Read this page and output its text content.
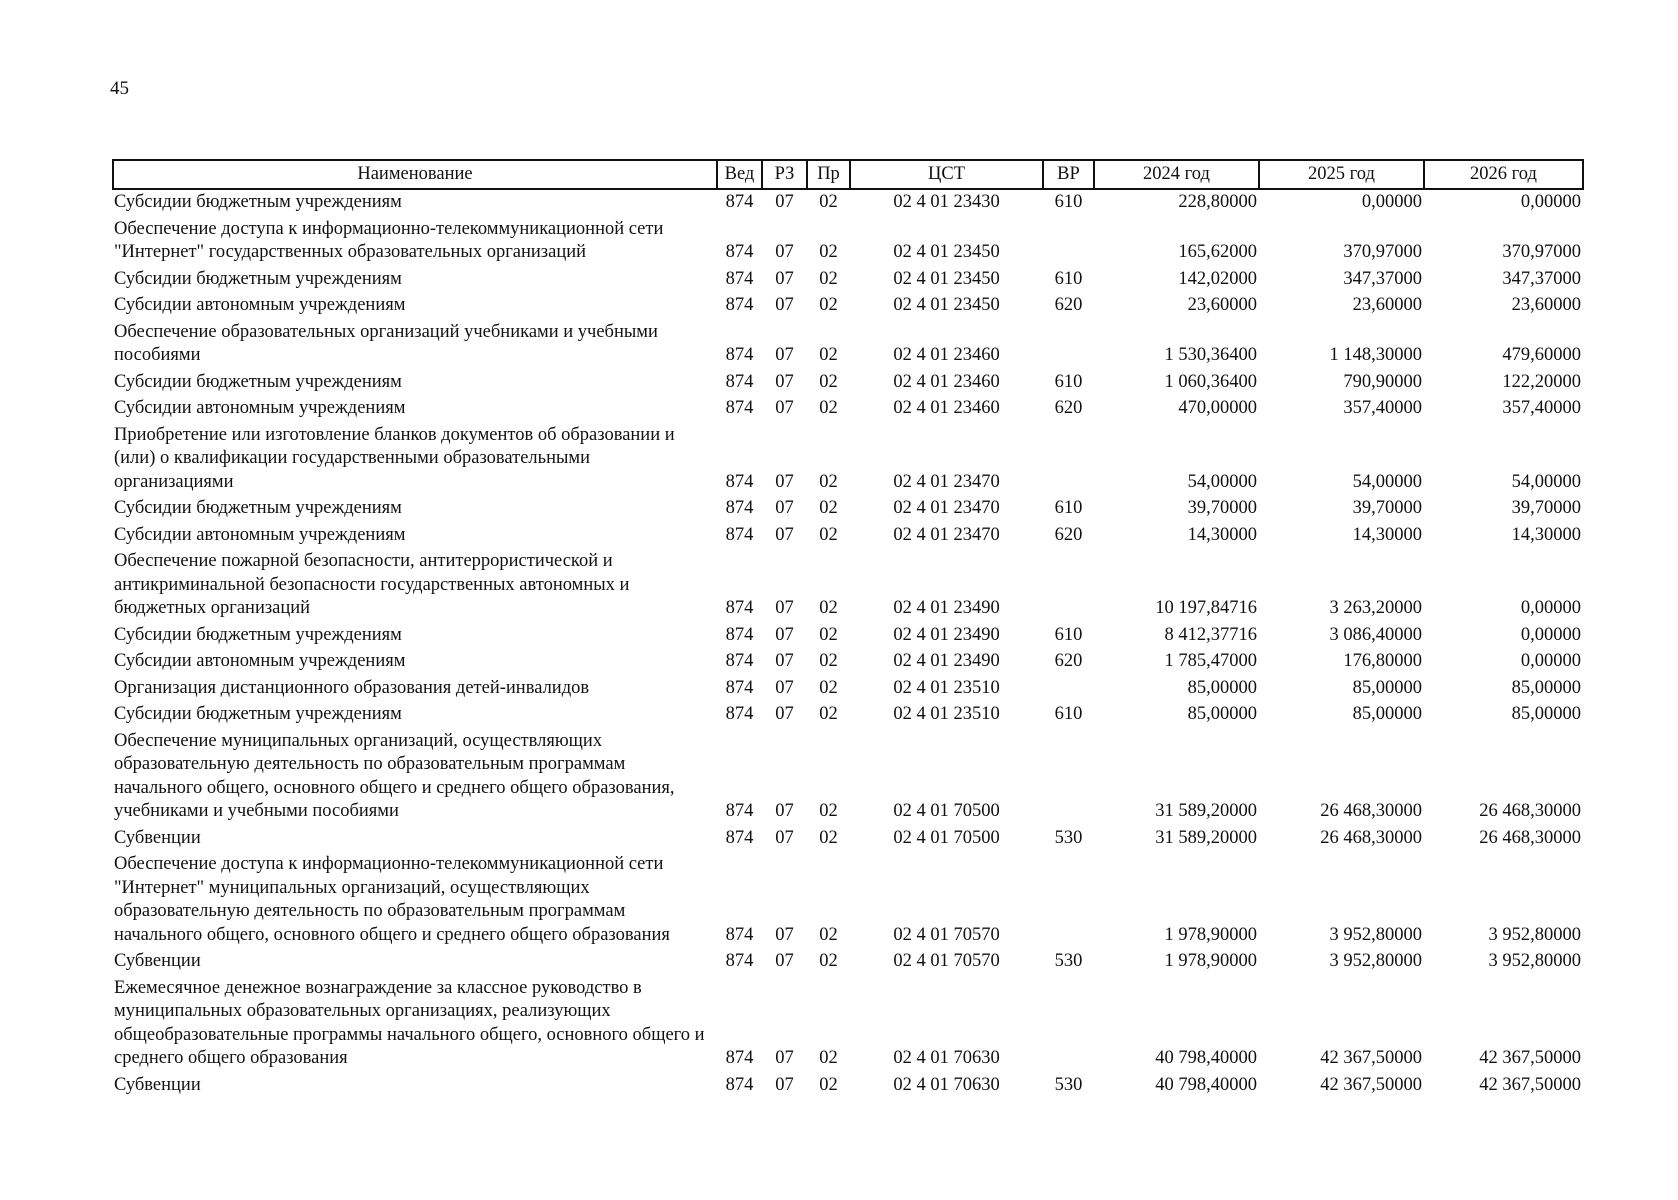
45
Наименование	Вед	РЗ	Пр	ЦСТ	ВР	2024 год	2025 год	2026 год
Субсидии бюджетным учреждениям	874	07	02	02 4 01 23430	610	228,80000	0,00000	0,00000
Обеспечение доступа к информационно-телекоммуникационной сети "Интернет" государственных образовательных организаций	874	07	02	02 4 01 23450		165,62000	370,97000	370,97000
Субсидии бюджетным учреждениям	874	07	02	02 4 01 23450	610	142,02000	347,37000	347,37000
Субсидии автономным учреждениям	874	07	02	02 4 01 23450	620	23,60000	23,60000	23,60000
Обеспечение образовательных организаций учебниками и учебными пособиями	874	07	02	02 4 01 23460		1 530,36400	1 148,30000	479,60000
Субсидии бюджетным учреждениям	874	07	02	02 4 01 23460	610	1 060,36400	790,90000	122,20000
Субсидии автономным учреждениям	874	07	02	02 4 01 23460	620	470,00000	357,40000	357,40000
Приобретение или изготовление бланков документов об образовании и (или) о квалификации государственными образовательными организациями	874	07	02	02 4 01 23470		54,00000	54,00000	54,00000
Субсидии бюджетным учреждениям	874	07	02	02 4 01 23470	610	39,70000	39,70000	39,70000
Субсидии автономным учреждениям	874	07	02	02 4 01 23470	620	14,30000	14,30000	14,30000
Обеспечение пожарной безопасности, антитеррористической и антикриминальной безопасности государственных автономных и бюджетных организаций	874	07	02	02 4 01 23490		10 197,84716	3 263,20000	0,00000
Субсидии бюджетным учреждениям	874	07	02	02 4 01 23490	610	8 412,37716	3 086,40000	0,00000
Субсидии автономным учреждениям	874	07	02	02 4 01 23490	620	1 785,47000	176,80000	0,00000
Организация дистанционного образования детей-инвалидов	874	07	02	02 4 01 23510		85,00000	85,00000	85,00000
Субсидии бюджетным учреждениям	874	07	02	02 4 01 23510	610	85,00000	85,00000	85,00000
Обеспечение муниципальных организаций, осуществляющих образовательную деятельность по образовательным программам начального общего, основного общего и среднего общего образования, учебниками и учебными пособиями	874	07	02	02 4 01 70500		31 589,20000	26 468,30000	26 468,30000
Субвенции	874	07	02	02 4 01 70500	530	31 589,20000	26 468,30000	26 468,30000
Обеспечение доступа к информационно-телекоммуникационной сети "Интернет" муниципальных организаций, осуществляющих образовательную деятельность по образовательным программам начального общего, основного общего и среднего общего образования	874	07	02	02 4 01 70570		1 978,90000	3 952,80000	3 952,80000
Субвенции	874	07	02	02 4 01 70570	530	1 978,90000	3 952,80000	3 952,80000
Ежемесячное денежное вознаграждение за классное руководство в муниципальных образовательных организациях, реализующих общеобразовательные программы начального общего, основного общего и среднего общего образования	874	07	02	02 4 01 70630		40 798,40000	42 367,50000	42 367,50000
Субвенции	874	07	02	02 4 01 70630	530	40 798,40000	42 367,50000	42 367,50000
